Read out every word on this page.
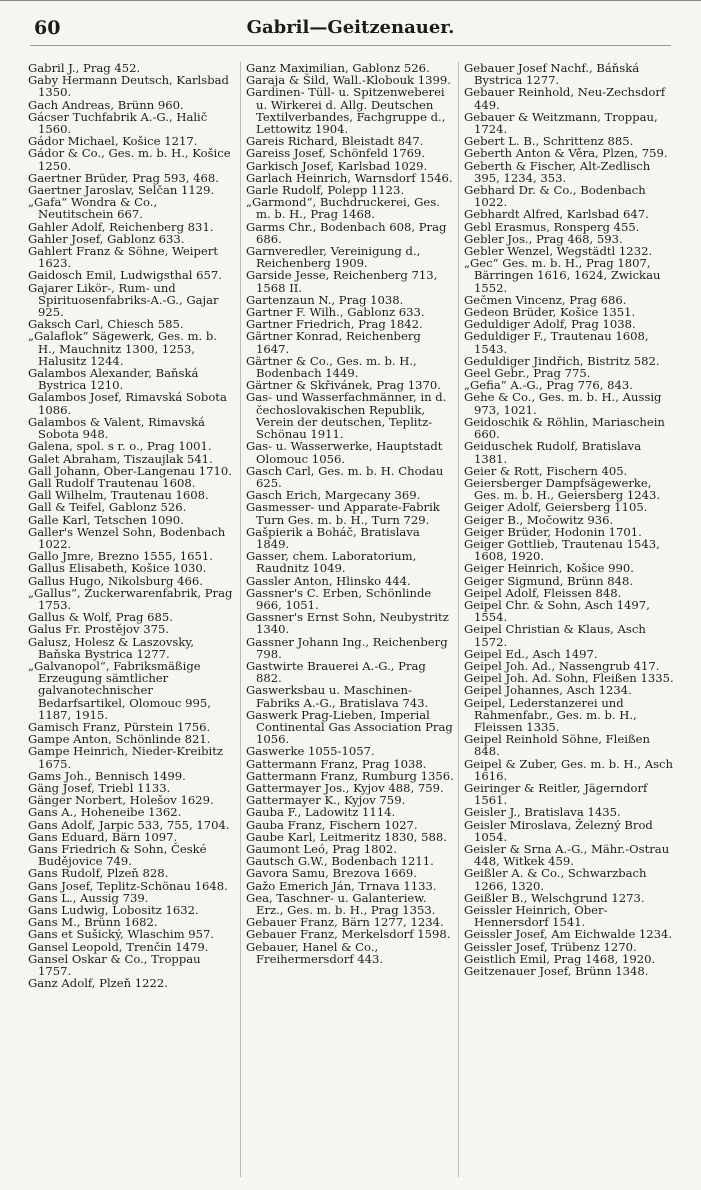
60	Gabril—Geitzenauer.

Gabril J., Prag 452.

Gaby Hermann Deutsch, Karlsbad 1350.

Gach Andreas, Brünn 960.

Gácser Tuchfabrik A.-G., Halič 1560.

Gádor Michael, Košice 1217.

Gádor & Co., Ges. m. b. H., Košice 1250.

Gaertner Brüder, Prag 593, 468.

Gaertner Jaroslav, Selčan 1129.

„Gafa“ Wondra & Co., Neutitschein 667.

Gahler Adolf, Reichenberg 831.

Gahler Josef, Gablonz 633.

Gahlert Franz & Söhne, Weipert 1623.

Gaidosch Emil, Ludwigsthal 657.

Gajarer Likör-, Rum- und Spirituosenfabriks-A.-G., Gajar 925.

Gaksch Carl, Chiesch 585.

„Galaflok“ Sägewerk, Ges. m. b. H., Mauchnitz 1300, 1253, Halusitz 1244.

Galambos Alexander, Baňská Bystrica 1210.

Galambos Josef, Rimavská Sobota 1086.

Galambos & Valent, Rimavská Sobota 948.

Galena, spol. s r. o., Prag 1001.

Galet Abraham, Tiszaujlak 541.

Gall Johann, Ober-Langenau 1710.

Gall Rudolf Trautenau 1608.

Gall Wilhelm, Trautenau 1608.

Gall & Teifel, Gablonz 526.

Galle Karl, Tetschen 1090.

Galler's Wenzel Sohn, Bodenbach 1022.

Gallo Jmre, Brezno 1555, 1651.

Gallus Elisabeth, Košice 1030.

Gallus Hugo, Nikolsburg 466.

„Gallus“, Zuckerwarenfabrik, Prag 1753.

Gallus & Wolf, Prag 685.

Galus Fr. Prostějov 375.

Galusz, Holesz & Laszovsky, Baňska Bystrica 1277.

„Galvanopol“, Fabriksmäßige Erzeugung sämtlicher galvanotechnischer Bedarfsartikel, Olomouc 995, 1187, 1915.

Gamisch Franz, Pürstein 1756.

Gampe Anton, Schönlinde 821.

Gampe Heinrich, Nieder-Kreibitz 1675.

Gams Joh., Bennisch 1499.

Gäng Josef, Triebl 1133.

Gänger Norbert, Holešov 1629.

Gans A., Hoheneibe 1362.

Gans Adolf, Jarpic 533, 755, 1704.

Gans Eduard, Bärn 1097.

Gans Friedrich & Sohn, České Budějovice 749.

Gans Rudolf, Plzeň 828.

Gans Josef, Teplitz-Schönau 1648.

Gans L., Aussig 739.

Gans Ludwig, Lobositz 1632.

Gans M., Brünn 1682.

Gans et Sušický, Wlaschim 957.

Gansel Leopold, Trenčin 1479.

Gansel Oskar & Co., Troppau 1757.

Ganz Adolf, Plzeň 1222.

Ganz Maximilian, Gablonz 526.

Garaja & Šild, Wall.-Klobouk 1399.

Gardinen- Tüll- u. Spitzenweberei u. Wirkerei d. Allg. Deutschen Textilverbandes, Fachgruppe d., Lettowitz 1904.

Gareis Richard, Bleistadt 847.

Gareiss Josef, Schönfeld 1769.

Garkisch Josef, Karlsbad 1029.

Garlach Heinrich, Warnsdorf 1546.

Garle Rudolf, Polepp 1123.

„Garmond“, Buchdruckerei, Ges. m. b. H., Prag 1468.

Garms Chr., Bodenbach 608, Prag 686.

Garnveredler, Vereinigung d., Reichenberg 1909.

Garside Jesse, Reichenberg 713, 1568 II.

Gartenzaun N., Prag 1038.

Gartner F. Wilh., Gablonz 633.

Gartner Friedrich, Prag 1842.

Gärtner Konrad, Reichenberg 1647.

Gärtner & Co., Ges. m. b. H., Bodenbach 1449.

Gärtner & Skřivánek, Prag 1370.

Gas- und Wasserfachmänner, in d. čechoslovakischen Republik, Verein der deutschen, Teplitz-Schönau 1911.

Gas- u. Wasserwerke, Hauptstadt Olomouc 1056.

Gasch Carl, Ges. m. b. H. Chodau 625.

Gasch Erich, Margecany 369.

Gasmesser- und Apparate-Fabrik Turn Ges. m. b. H., Turn 729.

Gašpierik a Boháč, Bratislava 1849.

Gasser, chem. Laboratorium, Raudnitz 1049.

Gassler Anton, Hlinsko 444.

Gassner's C. Erben, Schönlinde 966, 1051.

Gassner's Ernst Sohn, Neubystritz 1340.

Gassner Johann Ing., Reichenberg 798.

Gastwirte Brauerei A.-G., Prag 882.

Gaswerksbau u. Maschinen-Fabriks A.-G., Bratislava 743.

Gaswerk Prag-Lieben, Imperial Continental Gas Association Prag 1056.

Gaswerke 1055-1057.

Gattermann Franz, Prag 1038.

Gattermann Franz, Rumburg 1356.

Gattermayer Jos., Kyjov 488, 759.

Gattermayer K., Kyjov 759.

Gauba F., Ladowitz 1114.

Gauba Franz, Fischern 1027.

Gaube Karl, Leitmeritz 1830, 588.

Gaumont Leó, Prag 1802.

Gautsch G.W., Bodenbach 1211.

Gavora Samu, Brezova 1669.

Gažo Emerich Ján, Trnava 1133.

Gea, Taschner- u. Galanteriew. Erz., Ges. m. b. H., Prag 1353.

Gebauer Franz, Bärn 1277, 1234.

Gebauer Franz, Merkelsdorf 1598.

Gebauer, Hanel & Co., Freihermersdorf 443.

Gebauer Josef Nachf., Báňská Bystrica 1277.

Gebauer Reinhold, Neu-Zechsdorf 449.

Gebauer & Weitzmann, Troppau, 1724.

Gebert L. B., Schrittenz 885.

Geberth Anton & Věra, Plzen, 759.

Geberth & Fischer, Alt-Zedlisch 395, 1234, 353.

Gebhard Dr. & Co., Bodenbach 1022.

Gebhardt Alfred, Karlsbad 647.

Gebl Erasmus, Ronsperg 455.

Gebler Jos., Prag 468, 593.

Gebler Wenzel, Wegstädtl 1232.

„Gec“ Ges. m. b. H., Prag 1807, Bärringen 1616, 1624, Zwickau 1552.

Gečmen Vincenz, Prag 686.

Gedeon Brüder, Košice 1351.

Geduldiger Adolf, Prag 1038.

Geduldiger F., Trautenau 1608, 1543.

Geduldiger Jindřich, Bistritz 582.

Geel Gebr., Prag 775.

„Gefia“ A.-G., Prag 776, 843.

Gehe & Co., Ges. m. b. H., Aussig 973, 1021.

Geidoschik & Röhlin, Mariaschein 660.

Geiduschek Rudolf, Bratislava 1381.

Geier & Rott, Fischern 405.

Geiersberger Dampfsägewerke, Ges. m. b. H., Geiersberg 1243.

Geiger Adolf, Geiersberg 1105.

Geiger B., Močowitz 936.

Geiger Brüder, Hodonin 1701.

Geiger Gottlieb, Trautenau 1543, 1608, 1920.

Geiger Heinrich, Košice 990.

Geiger Sigmund, Brünn 848.

Geipel Adolf, Fleissen 848.

Geipel Chr. & Sohn, Asch 1497, 1554.

Geipel Christian & Klaus, Asch 1572.

Geipel Ed., Asch 1497.

Geipel Joh. Ad., Nassengrub 417.

Geipel Joh. Ad. Sohn, Fleißen 1335.

Geipel Johannes, Asch 1234.

Geipel, Lederstanzerei und Rahmenfabr., Ges. m. b. H., Fleissen 1335.

Geipel Reinhold Söhne, Fleißen 848.

Geipel & Zuber, Ges. m. b. H., Asch 1616.

Geiringer & Reitler, Jägerndorf 1561.

Geisler J., Bratislava 1435.

Geisler Miroslava, Železný Brod 1054.

Geisler & Srna A.-G., Mähr.-Ostrau 448, Witkek 459.

Geißler A. & Co., Schwarzbach 1266, 1320.

Geißler B., Welschgrund 1273.

Geissler Heinrich, Ober-Hennersdorf 1541.

Geissler Josef, Am Eichwalde 1234.

Geissler Josef, Trübenz 1270.

Geistlich Emil, Prag 1468, 1920.

Geitzenauer Josef, Brünn 1348.
